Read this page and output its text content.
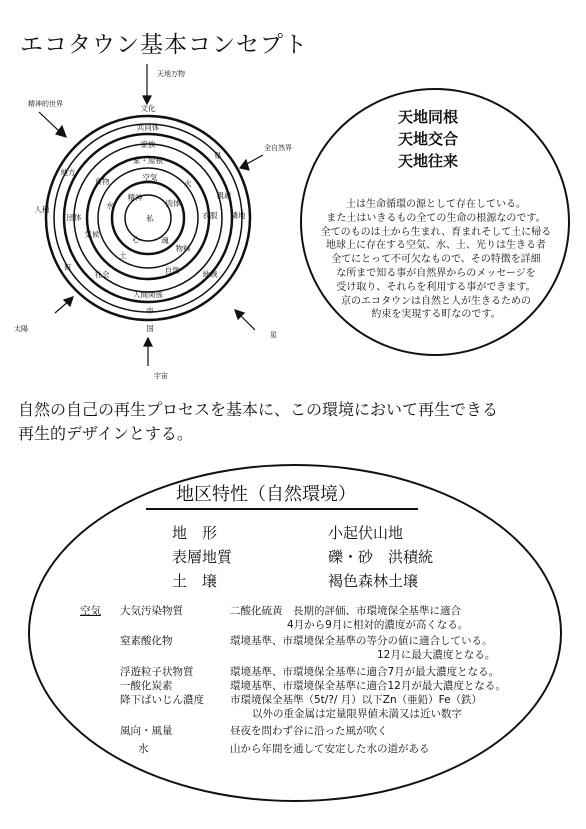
エコタウン基本コンセプト
天地万物
精神的世界
全自然界
太陽
星
宇宙
文化
共同体
家族
家・屋根
空気
地方
県
親戚
隣地
人種
団体
気候
食物
衣服
精神
肉体
水
火
私
心	魂
土
物料
町
社会	自然	地域
人間関係
市
国
天地同根
天地交合
天地往来
土は生命循環の源として存在している。
また土はいきるもの全ての生命の根源なのです。
全てのものは土から生まれ、育まれそして土に帰る
地球上に存在する空気、水、土、光りは生きる者
全てにとって不可欠なもので、その特徴を詳細
な所まで知る事が自然界からのメッセージを
受け取り、それらを利用する事ができます。
京のエコタウンは自然と人が生きるための
約束を実現する町なのです。
自然の自己の再生プロセスを基本に、この環境において再生できる
再生的デザインとする。
地区特性（自然環境）
地　形	小起伏山地
表層地質	礫・砂　洪積統
土　壌	褐色森林土壌
空気 大気汚染物質	二酸化硫黄　長期的評価、市環境保全基準に適合
4月から9月に相対的濃度が高くなる。
窒素酸化物	環境基準、市環境保全基準の等分の値に適合している。
12月に最大濃度となる。
浮遊粒子状物質	環境基準、市環境保全基準に適合7月が最大濃度となる。
一酸化炭素	環境基準、市環境保全基準に適合12月が最大濃度となる。
降下ばいじん濃度 市環境保全基準（5t/?/ 月）以下Zn（亜鉛）Fe（鉄）
以外の重金属は定量限界値未満又は近い数字
風向・風量	昼夜を問わず谷に沿った風が吹く
水	山から年間を通して安定した水の道がある
